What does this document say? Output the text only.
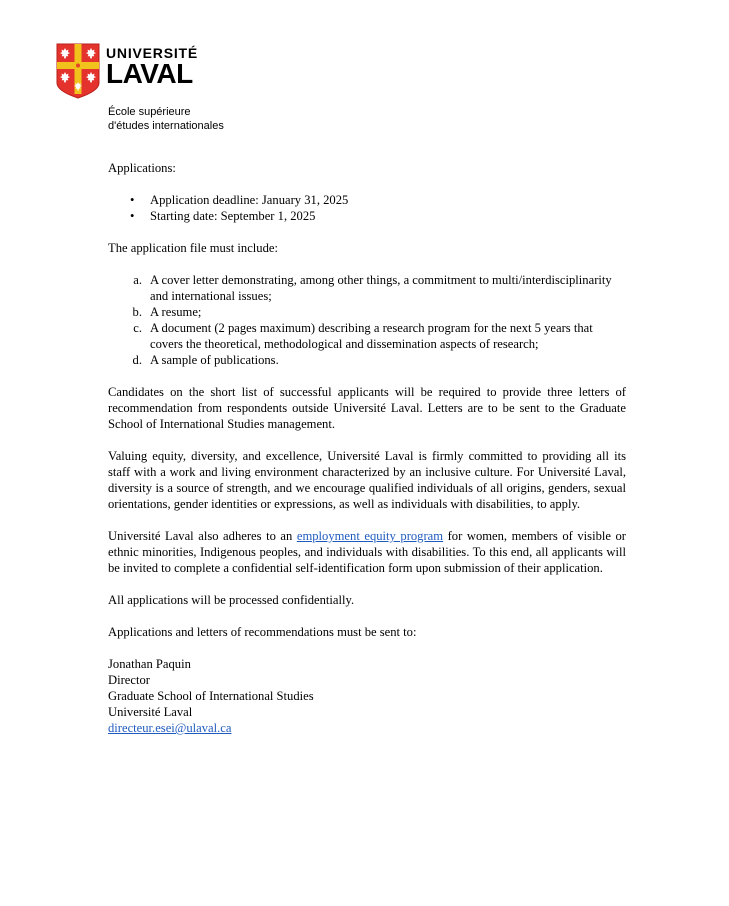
UNIVERSITÉ
LAVAL
École supérieure
d'études internationales

Applications:

• Application deadline: January 31, 2025
• Starting date: September 1, 2025

The application file must include:

a. A cover letter demonstrating, among other things, a commitment to multi/interdisciplinarity and international issues;
b. A resume;
c. A document (2 pages maximum) describing a research program for the next 5 years that covers the theoretical, methodological and dissemination aspects of research;
d. A sample of publications.

Candidates on the short list of successful applicants will be required to provide three letters of recommendation from respondents outside Université Laval. Letters are to be sent to the Graduate School of International Studies management.

Valuing equity, diversity, and excellence, Université Laval is firmly committed to providing all its staff with a work and living environment characterized by an inclusive culture. For Université Laval, diversity is a source of strength, and we encourage qualified individuals of all origins, genders, sexual orientations, gender identities or expressions, as well as individuals with disabilities, to apply.

Université Laval also adheres to an employment equity program for women, members of visible or ethnic minorities, Indigenous peoples, and individuals with disabilities. To this end, all applicants will be invited to complete a confidential self-identification form upon submission of their application.

All applications will be processed confidentially.

Applications and letters of recommendations must be sent to:

Jonathan Paquin
Director
Graduate School of International Studies
Université Laval
directeur.esei@ulaval.ca
